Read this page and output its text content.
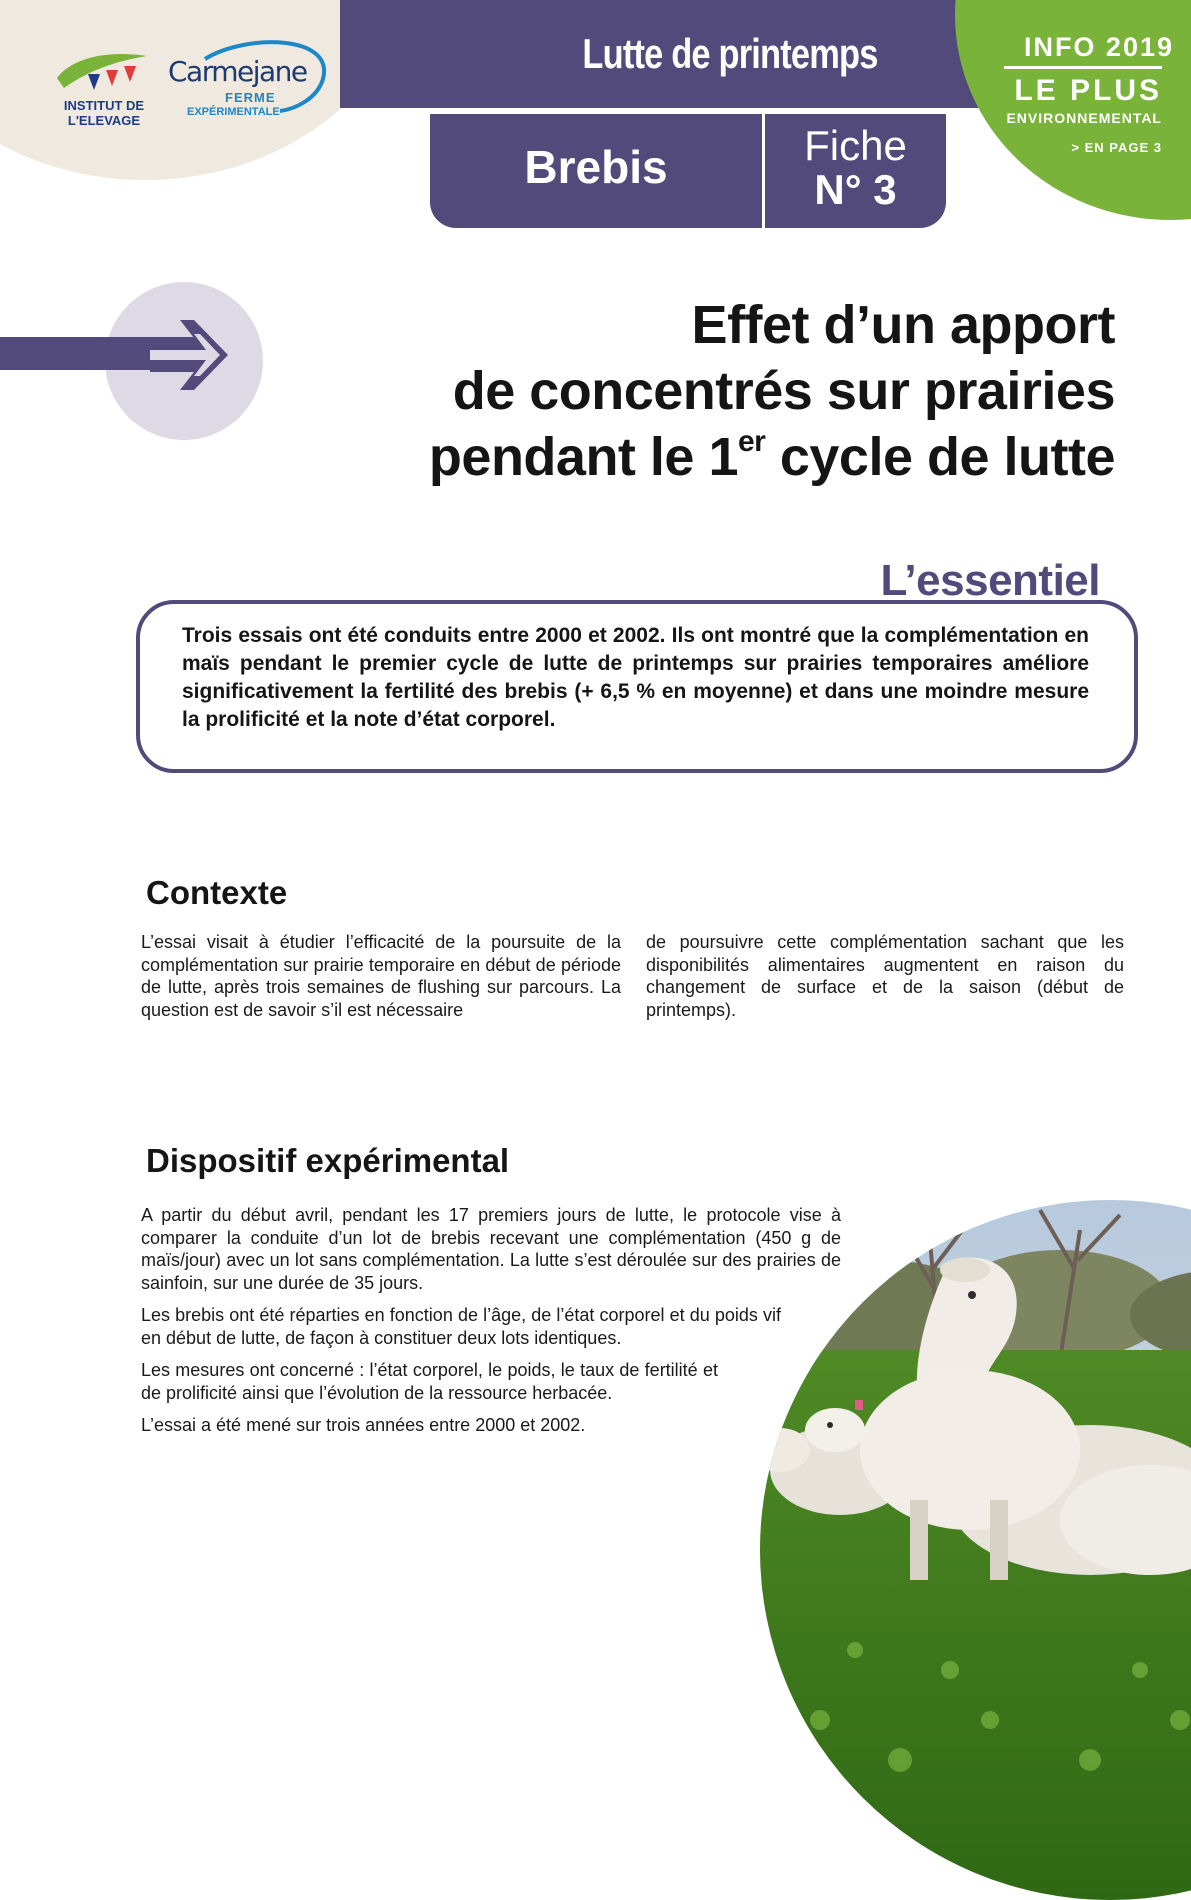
INSTITUT DE
L'ELEVAGE
Carmejane
FERME
EXPÉRIMENTALE
Lutte de printemps
Brebis	Fiche
N° 3
INFO 2019
LE PLUS
ENVIRONNEMENTAL
> EN PAGE 3
Effet d’un apport
de concentrés sur prairies
pendant le 1er cycle de lutte
L’essentiel
Trois essais ont été conduits entre 2000 et 2002. Ils ont montré que la complémentation en maïs pendant le premier cycle de lutte de printemps sur prairies temporaires améliore significativement la fertilité des brebis (+ 6,5 % en moyenne) et dans une moindre mesure la prolificité et la note d’état corporel.
Contexte
L’essai visait à étudier l’efficacité de la poursuite de la complémentation sur prairie temporaire en début de période de lutte, après trois semaines de flushing sur parcours. La question est de savoir s’il est nécessaire
de poursuivre cette complémentation sachant que les disponibilités alimentaires augmentent en raison du changement de surface et de la saison (début de printemps).
Dispositif expérimental

A partir du début avril, pendant les 17 premiers jours de lutte, le protocole vise à comparer la conduite d’un lot de brebis recevant une complémentation (450 g de maïs/jour) avec un lot sans complémentation. La lutte s’est déroulée sur des prairies de sainfoin, sur une durée de 35 jours.

Les brebis ont été réparties en fonction de l’âge, de l’état corporel et du poids vif en début de lutte, de façon à constituer deux lots identiques.

Les mesures ont concerné : l’état corporel, le poids, le taux de fertilité et de prolificité ainsi que l’évolution de la ressource herbacée.

L’essai a été mené sur trois années entre 2000 et 2002.
